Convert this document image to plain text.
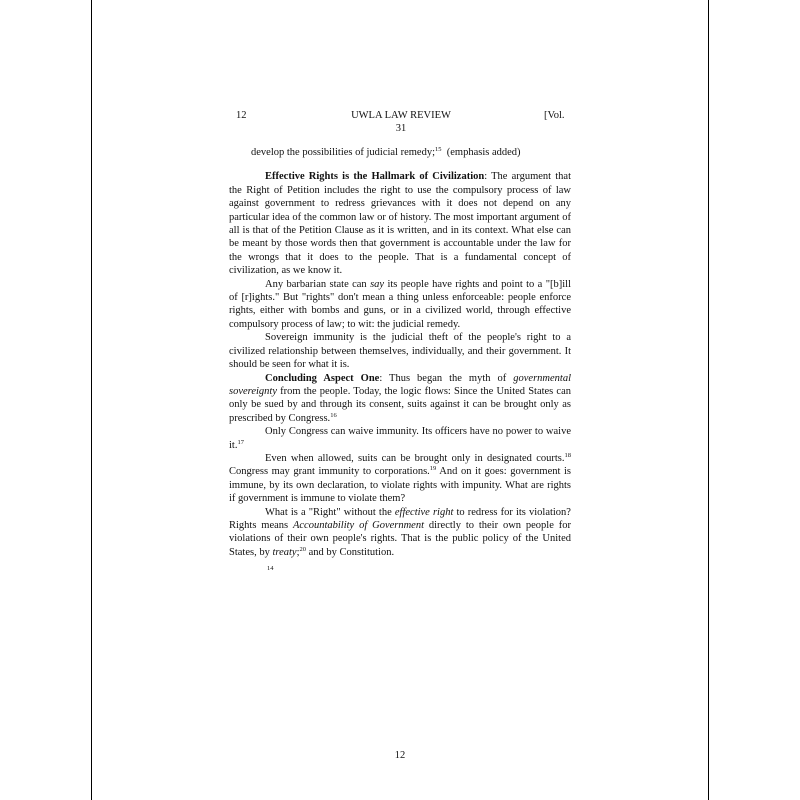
12	UWLA LAW REVIEW	[Vol.
31

develop the possibilities of judicial remedy;$^{15}$ (emphasis added)

Effective Rights is the Hallmark of Civilization: The argument that the Right of Petition includes the right to use the compulsory process of law against government to redress grievances with it does not depend on any particular idea of the common law or of history. The most important argument of all is that of the Petition Clause as it is written, and in its context. What else can be meant by those words then that government is accountable under the law for the wrongs that it does to the people. That is a fundamental concept of civilization, as we know it.

Any barbarian state can say its people have rights and point to a "[b]ill of [r]ights." But "rights" don't mean a thing unless enforceable: people enforce rights, either with bombs and guns, or in a civilized world, through effective compulsory process of law; to wit: the judicial remedy.

Sovereign immunity is the judicial theft of the people's right to a civilized relationship between themselves, individually, and their government. It should be seen for what it is.

Concluding Aspect One: Thus began the myth of governmental sovereignty from the people. Today, the logic flows: Since the United States can only be sued by and through its consent, suits against it can be brought only as prescribed by Congress.$^{16}$

Only Congress can waive immunity. Its officers have no power to waive it.$^{17}$

Even when allowed, suits can be brought only in designated courts.$^{18}$ Congress may grant immunity to corporations.$^{19}$ And on it goes: government is immune, by its own declaration, to violate rights with impunity. What are rights if government is immune to violate them?

What is a "Right" without the effective right to redress for its violation? Rights means Accountability of Government directly to their own people for violations of their own people's rights. That is the public policy of the United States, by treaty;$^{20}$ and by Constitution.

14
12
